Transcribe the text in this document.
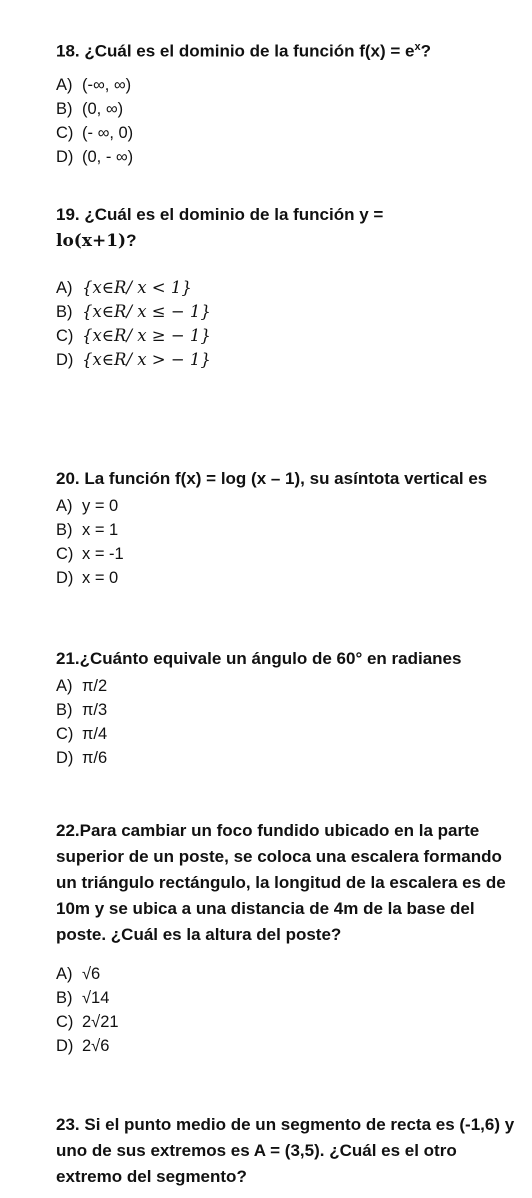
18. ¿Cuál es el dominio de la función $f(x) = e^x$?

A) (-∞, ∞)
B) (0, ∞)
C) (- ∞, 0)
D) (0, - ∞)

19. ¿Cuál es el dominio de la función y =
lo(x+1)?

A) {x∈R/ x < 1}
B) {x∈R/ x ≤ − 1}
C) {x∈R/ x ≥ − 1}
D) {x∈R/ x > − 1}

20. La función f(x) = log (x – 1), su asíntota vertical es

A) y = 0
B) x = 1
C) x = -1
D) x = 0

21.¿Cuánto equivale un ángulo de 60° en radianes

A) π/2
B) π/3
C) π/4
D) π/6

22.Para cambiar un foco fundido ubicado en la parte superior de un poste, se coloca una escalera formando un triángulo rectángulo, la longitud de la escalera es de 10m y se ubica a una distancia de 4m de la base del poste. ¿Cuál es la altura del poste?

A) √6
B) √14
C) 2√21
D) 2√6

23. Si el punto medio de un segmento de recta es (-1,6) y uno de sus extremos es A = (3,5). ¿Cuál es el otro extremo del segmento?
